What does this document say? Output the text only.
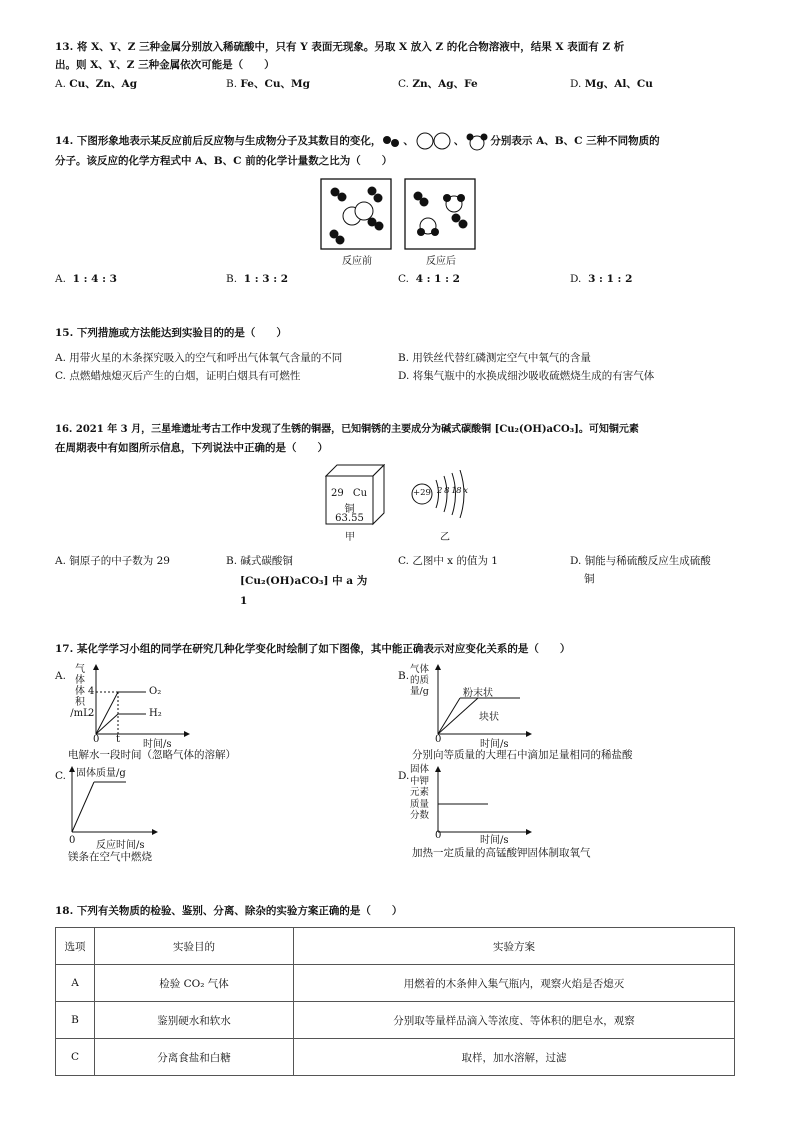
13. 将 X、Y、Z 三种金属分别放入稀硫酸中，只有 Y 表面无现象。另取 X 放入 Z 的化合物溶液中，结果 X 表面有 Z 析
出。则 X、Y、Z 三种金属依次可能是（　　）
A. Cu、Zn、Ag	B. Fe、Cu、Mg	C. Zn、Ag、Fe	D. Mg、Al、Cu
14. 下图形象地表示某反应前后反应物与生成物分子及其数目的变化， 、	、 分别表示 A、B、C 三种不同物质的
分子。该反应的化学方程式中 A、B、C 前的化学计量数之比为（　　）
反应前	反应后
A. 1 : 4 : 3	B. 1 : 3 : 2	C. 4 : 1 : 2	D. 3 : 1 : 2
15. 下列措施或方法能达到实验目的的是（　　）
A. 用带火星的木条探究吸入的空气和呼出气体氧气含量的不同	B. 用铁丝代替红磷测定空气中氧气的含量
C. 点燃蜡烛熄灭后产生的白烟，证明白烟具有可燃性	D. 将集气瓶中的水换成细沙吸收硫燃烧生成的有害气体
16. 2021 年 3 月，三星堆遗址考古工作中发现了生锈的铜器，已知铜锈的主要成分为碱式碳酸铜 [Cu₂(OH)aCO₃]。可知铜元素
在周期表中有如图所示信息，下列说法中正确的是（　　）
29 Cu
铜
63.55
甲
+29 2 8 18 x
乙
A. 铜原子的中子数为 29	B. 碱式碳酸铜
[Cu₂(OH)aCO₃] 中 a 为
1
C. 乙图中 x 的值为 1	D. 铜能与稀硫酸反应生成硫酸
铜
17. 某化学学习小组的同学在研究几种化学变化时绘制了如下图像，其中能正确表示对应变化关系的是（　　）
A.
气
体
体
积
/mL
4
2
O₂
H₂
0 t 时间/s
电解水一段时间（忽略气体的溶解）
B.
气体
的质
量/g	粉末状
块状
0	时间/s
分别向等质量的大理石中滴加足量相同的稀盐酸
C. 固体质量/g
0 反应时间/s
镁条在空气中燃烧
D.
固体
中钾
元素
质量
分数
0	时间/s
加热一定质量的高锰酸钾固体制取氧气
18. 下列有关物质的检验、鉴别、分离、除杂的实验方案正确的是（　　）
选项	实验目的	实验方案
A	检验 CO₂ 气体	用燃着的木条伸入集气瓶内，观察火焰是否熄灭
B	鉴别硬水和软水	分别取等量样品滴入等浓度、等体积的肥皂水，观察
C	分离食盐和白糖	取样，加水溶解，过滤
